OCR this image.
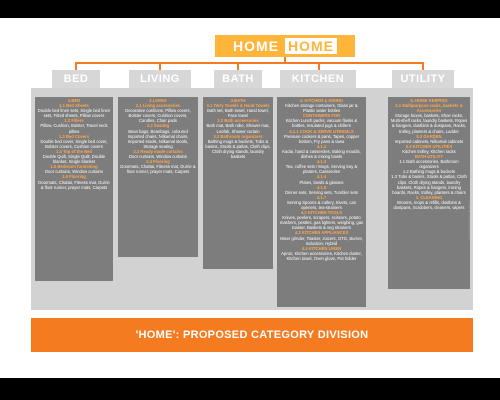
HOME HOME
BED	LIVING	BATH	KITCHEN	UTILITY
1.BED
1.1 Bed Sheets
Double bed linen sets, Single bed linen sets, Fitted sheets, Pillow covers
1.2 Fillers
Pillow, Cushion, Bolster, Travel neck pillow
1.3 Bed Covers
Double bed cover, Single bed cover, Bolster covers, Cushion covers
1.4 Top of the Bed
Double Quilt, Single Quilt, Double blanket, Single blanket
1.5 Bedroom furnishing
Door curtains, Window curtains
1.6 Flooring
Doormats, Chattai, Fitness mat, Durrie & floor runner, prayer mats, Carpets
2.LIVING
2.1 Living accessories
Decorative cushions, Pillow covers, Bolster covers, Cushion covers, Candles, Chair pads
2.2 Seating
Bean bags, Beanbags, coloured Imported chairs, Nilkamal chairs, Imported stools, Nilkamal stools, Storage seating
2.3 Ready made curtains
Door curtains, Window curtains
2.4 Flooring
Doormats, Chattai, Fitness mat, Durrie & floor runner, prayer mats, Carpets
3.BATH
3.1 Terry Towels & Hand Towels
Bath set, Bath towel, Hand towel, Face towel
3.2 Bath accessories
Bath mat, Bath robe, Shower mat, Loofah, Shower curtain
3.3 Bathroom organizers
Bathing mugs & buckets, Tubs & basins, Stools & patlas, Cloth clips, Cloth drying stands, laundry baskets
4. KITCHEN & DINING
Kitchen storage containers, Glass jar & Plastic water bottles
CONTAINERS FOR
Kitchen Lunch packs, vacuum flasks & bottles, Insulated jugs & chillers
4.1.1 COOK & SERVE UTENSILS
Pressure cookers & pans, Tapes, copper bottom, Fry pans & tawa
4.1.2
Kadai, hand & casseroles, Baking moulds, dishes & mixing bowls
4.1.3
Tea, coffee sets / Mugs, Serving tray & platters, Casseroles
4.1.4
Plates, bowls & glasses
4.1.5
Dinner sets, Serving sets, Tumbler sets
4.1.7
Serving Spoons & cutlery, trivets, can openers, tea-strainers
4.2 KITCHEN TOOLS
Knives, peelers, scrapers, scissors, potato mashers, pestles, gas lighters, weighing, gas toaster, Baskets & veg strainers
4.3 KITCHEN APPLIANCES
Mixer grinder, Toaster, Juicers, OTG, Burner, Induction, Hybrid
4.4 KITCHEN LINEN
Apron, Kitchen accessories, Kitchen duster, Kitchen towel, Oven glove, Pot holder
5. HOME KEEPING
5.1 Multipurpose racks, baskets & Accessories
Storage boxes, baskets, Shoe racks, Multi-shelf racks, laundry baskets, Ropes & hangers, dustbins & dustpans, Racks, trolley, planters & chairs, Ladder
5.2 GARDEN
Imported cabinets, Nilkamal cabinets
5.3 KITCHEN UTILITIES
Kitchen trolley, Kitchen racks
BATH UTILITY
1.1 Bath accessories, Bathroom organizers
1.2 Bathing mugs & buckets
1.3 Tubs & basins, Stools & patlas, Cloth clips, Cloth drying stands, laundry baskets, Ropes & hangers, ironing boards, Racks, trolley, planters & chairs
1. CLEANING
Brooms, mops & refills, dustbins & dustpans, Scrubbers, cleaners, wipers © 2012 Vaishali Anand design
'HOME': PROPOSED CATEGORY DIVISION
